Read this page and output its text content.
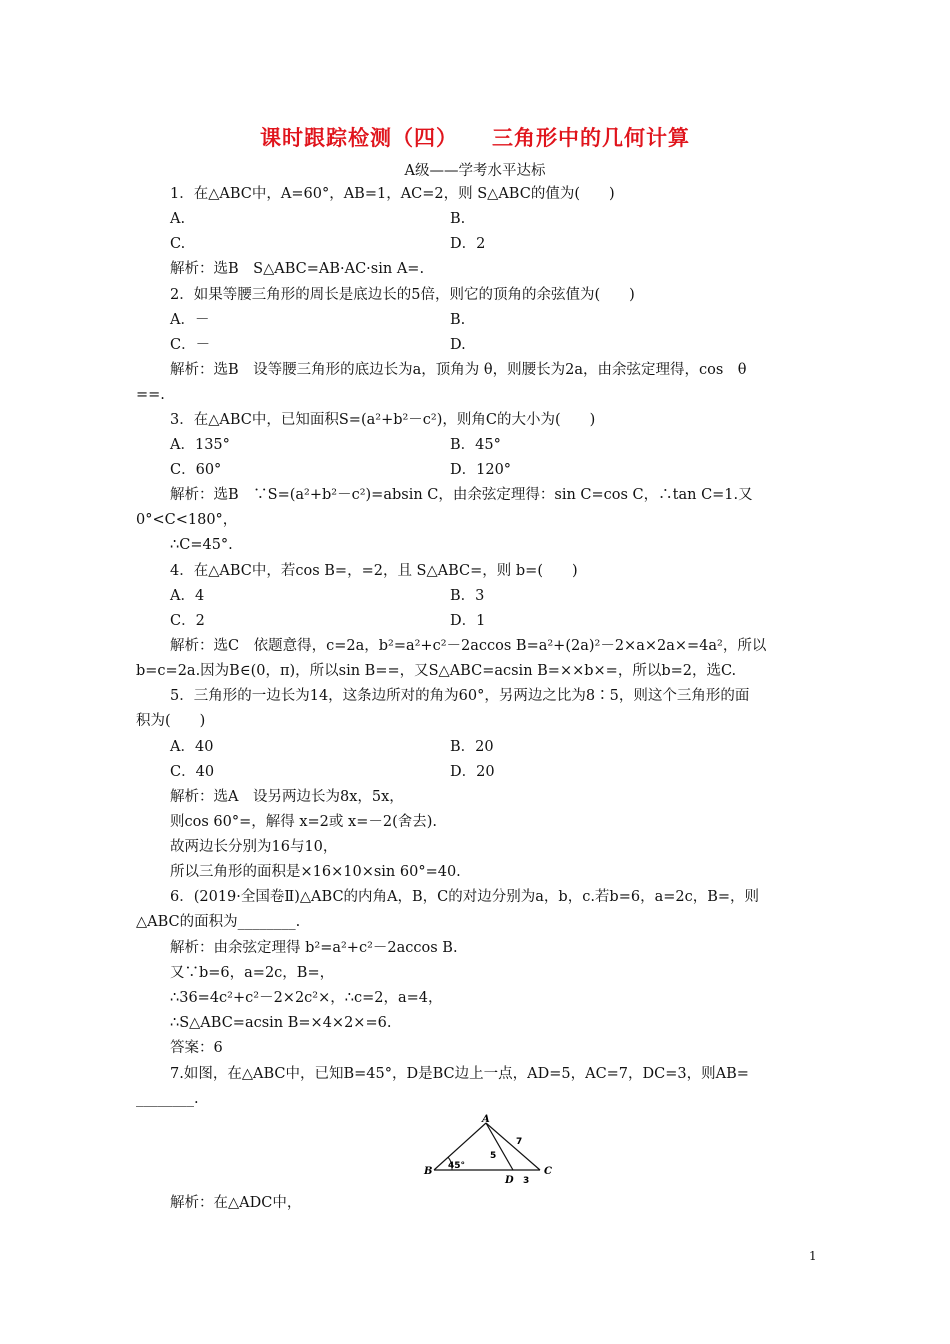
课时跟踪检测（四） 三角形中的几何计算
A级——学考水平达标
1．在△ABC中，A=60°，AB=1，AC=2，则 S△ABC的值为(　　)
A.	B.
C.	D．2
解析：选B　S△ABC=AB·AC·sin A=.
2．如果等腰三角形的周长是底边长的5倍，则它的顶角的余弦值为(　　)
A．－	B.
C．－	D.
解析：选B　设等腰三角形的底边长为a，顶角为 θ，则腰长为2a，由余弦定理得，cos　θ
==.
3．在△ABC中，已知面积S=(a²+b²－c²)，则角C的大小为(　　)
A．135°	B．45°
C．60°	D．120°
解析：选B　∵S=(a²+b²－c²)=absin C，由余弦定理得：sin C=cos C，∴tan C=1.又
0°<C<180°，
∴C=45°.
4．在△ABC中，若cos B=，=2，且 S△ABC=，则 b=(　　)
A．4	B．3
C．2	D．1
解析：选C　依题意得，c=2a，b²=a²+c²－2accos B=a²+(2a)²－2×a×2a×=4a²，所以
b=c=2a.因为B∈(0，π)，所以sin B==，又S△ABC=acsin B=××b×=，所以b=2，选C.
5．三角形的一边长为14，这条边所对的角为60°，另两边之比为8∶5，则这个三角形的面
积为(　　)
A．40	B．20
C．40	D．20
解析：选A　设另两边长为8x，5x，
则cos 60°=，解得 x=2或 x=－2(舍去).
故两边长分别为16与10，
所以三角形的面积是×16×10×sin 60°=40.
6．(2019·全国卷Ⅱ)△ABC的内角A，B，C的对边分别为a，b，c.若b=6，a=2c，B=，则
△ABC的面积为________.
解析：由余弦定理得 b²=a²+c²－2accos B.
又∵b=6，a=2c，B=，
∴36=4c²+c²－2×2c²×，∴c=2，a=4，
∴S△ABC=acsin B=×4×2×=6.
答案：6
7.如图，在△ABC中，已知B=45°，D是BC边上一点，AD=5，AC=7，DC=3，则AB=
________.
A
B	C
D
45°
5
7
3
解析：在△ADC中，
1
